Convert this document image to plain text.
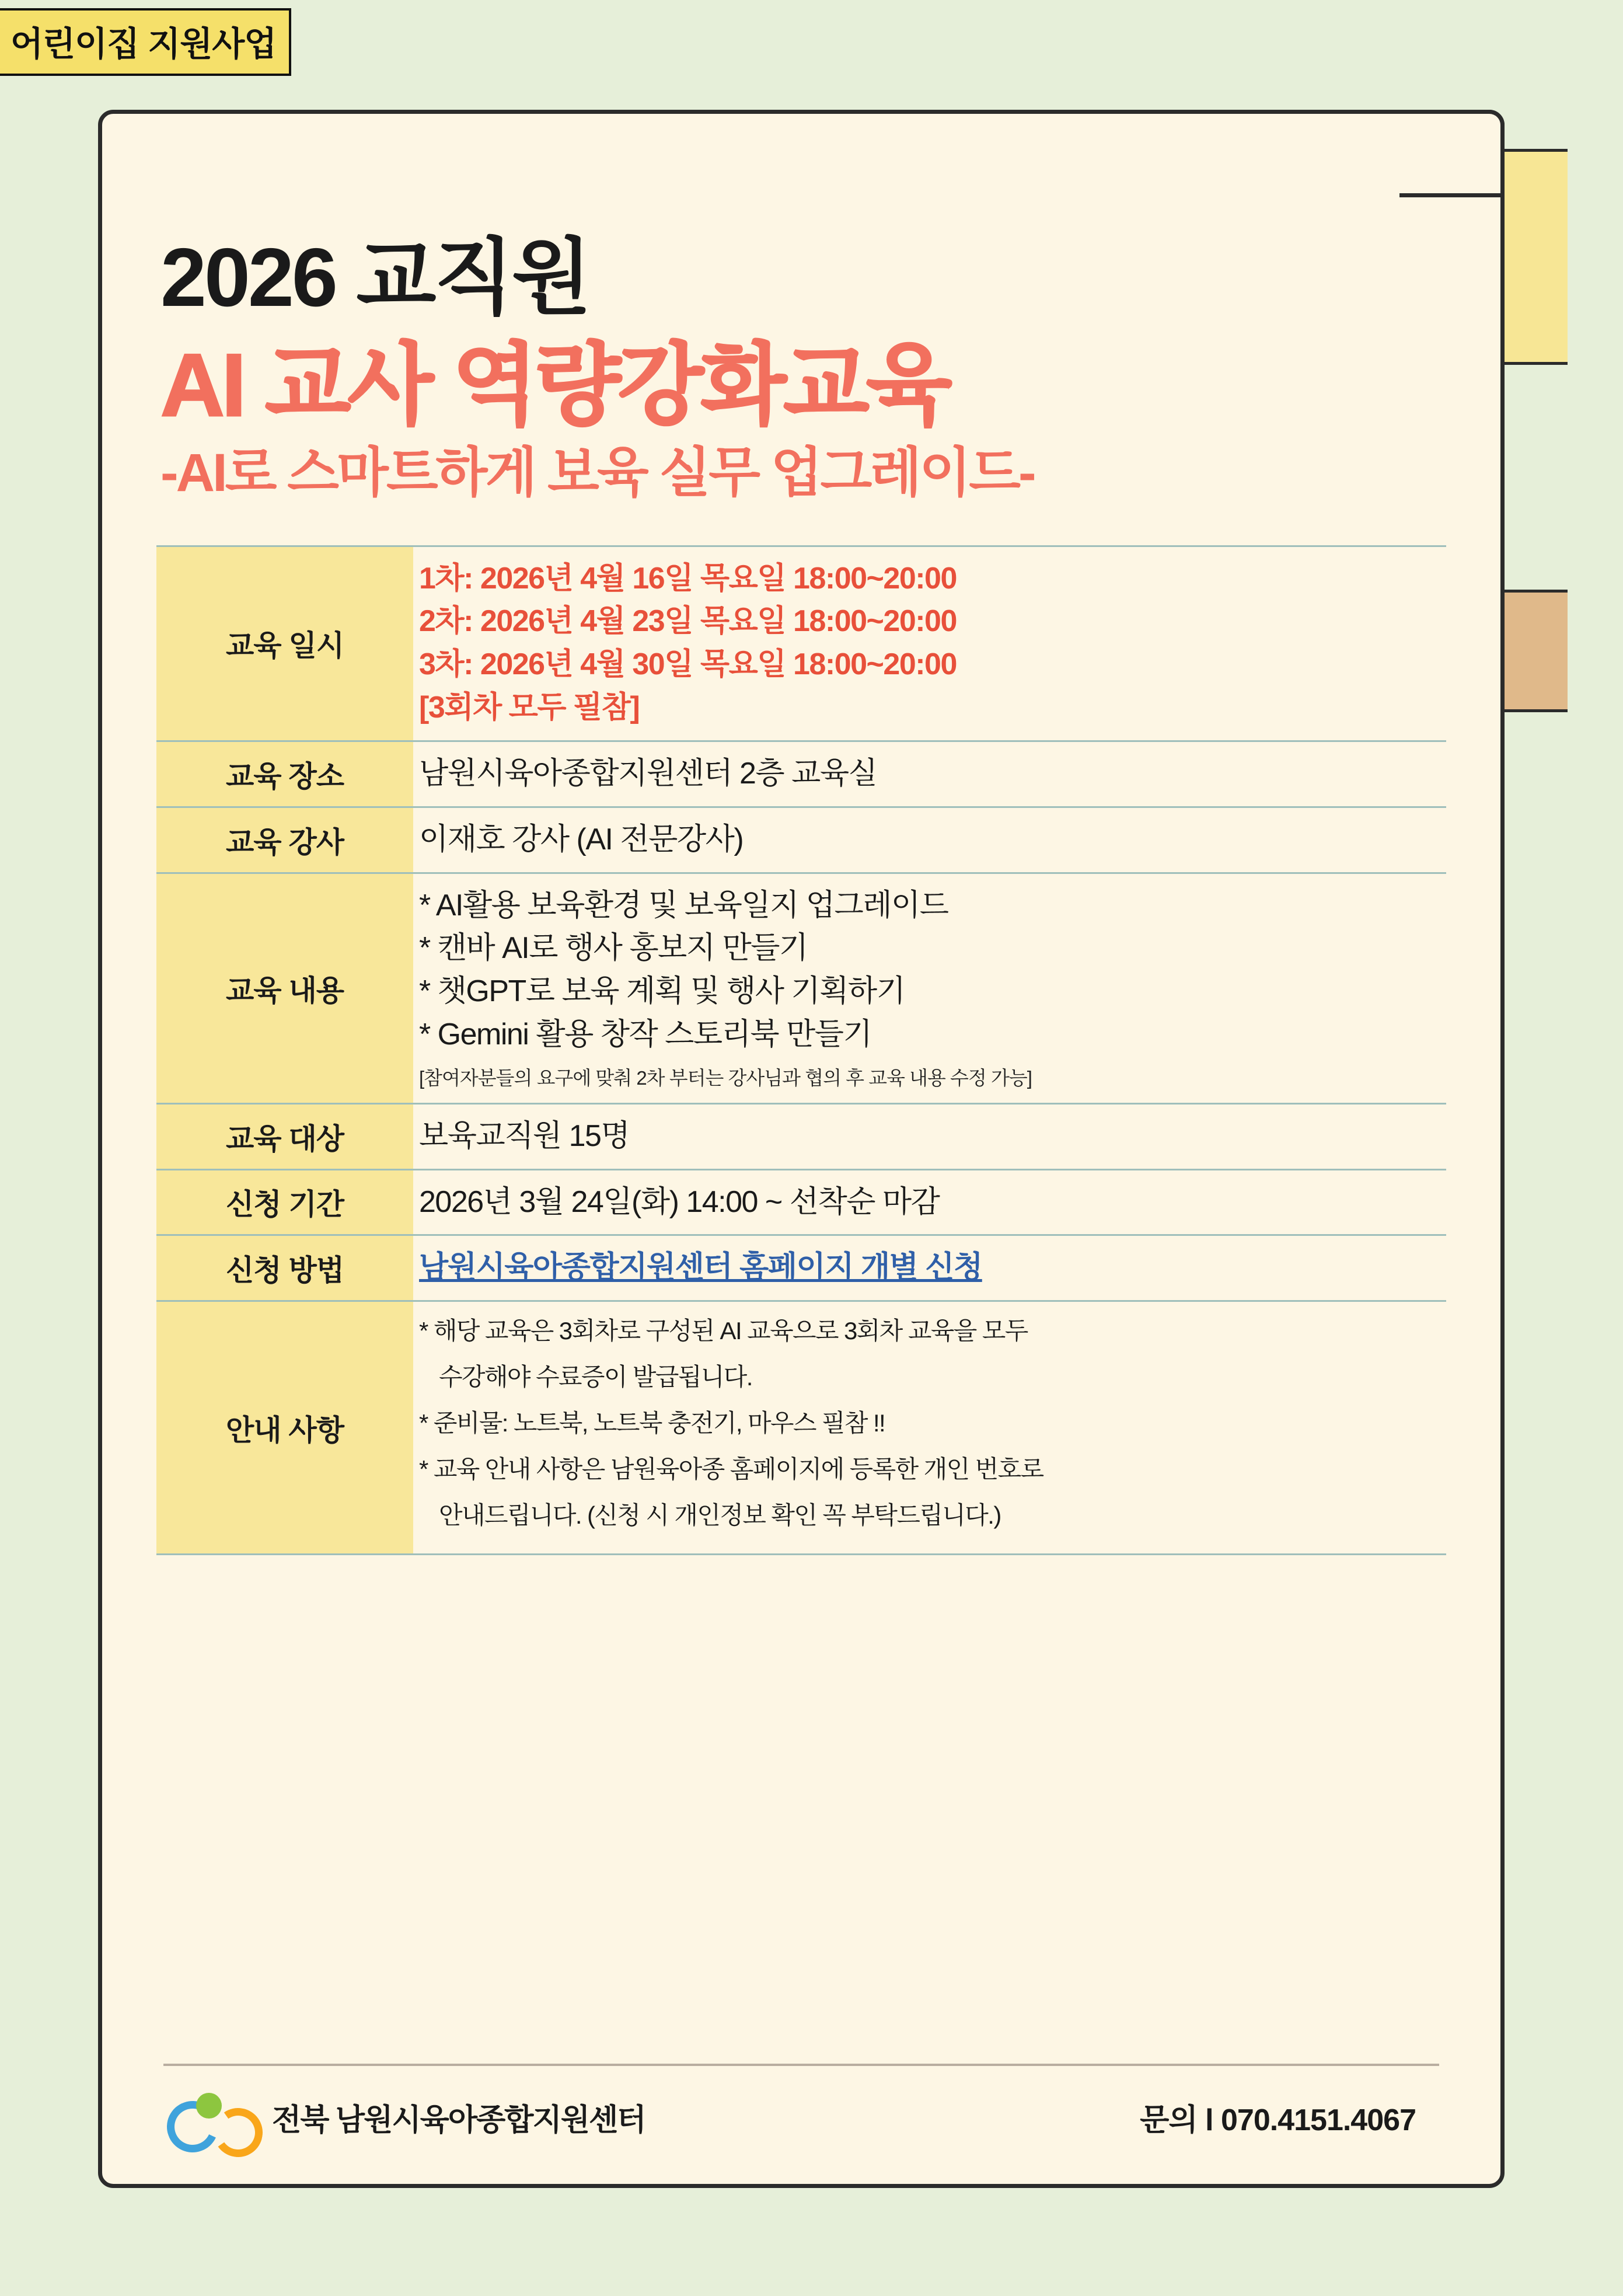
어린이집 지원사업
2026 교직원
AI 교사 역량강화교육
-AI로 스마트하게 보육 실무 업그레이드-
교육 일시	1차: 2026년 4월 16일 목요일 18:00~20:00
2차: 2026년 4월 23일 목요일 18:00~20:00
3차: 2026년 4월 30일 목요일 18:00~20:00
[3회차 모두 필참]

교육 장소	남원시육아종합지원센터 2층 교육실
교육 강사	이재호 강사 (AI 전문강사)
교육 내용	* AI활용 보육환경 및 보육일지 업그레이드
* 캔바 AI로 행사 홍보지 만들기
* 챗GPT로 보육 계획 및 행사 기획하기
* Gemini 활용 창작 스토리북 만들기
[참여자분들의 요구에 맞춰 2차 부터는 강사님과 협의 후 교육 내용 수정 가능]

교육 대상	보육교직원 15명
신청 기간	2026년 3월 24일(화) 14:00 ~ 선착순 마감
신청 방법	남원시육아종합지원센터 홈페이지 개별 신청
안내 사항	* 해당 교육은 3회차로 구성된 AI 교육으로 3회차 교육을 모두
수강해야 수료증이 발급됩니다.
* 준비물: 노트북, 노트북 충전기, 마우스 필참 !!
* 교육 안내 사항은 남원육아종 홈페이지에 등록한 개인 번호로
안내드립니다. (신청 시 개인정보 확인 꼭 부탁드립니다.)
전북 남원시육아종합지원센터	문의 l 070.4151.4067
